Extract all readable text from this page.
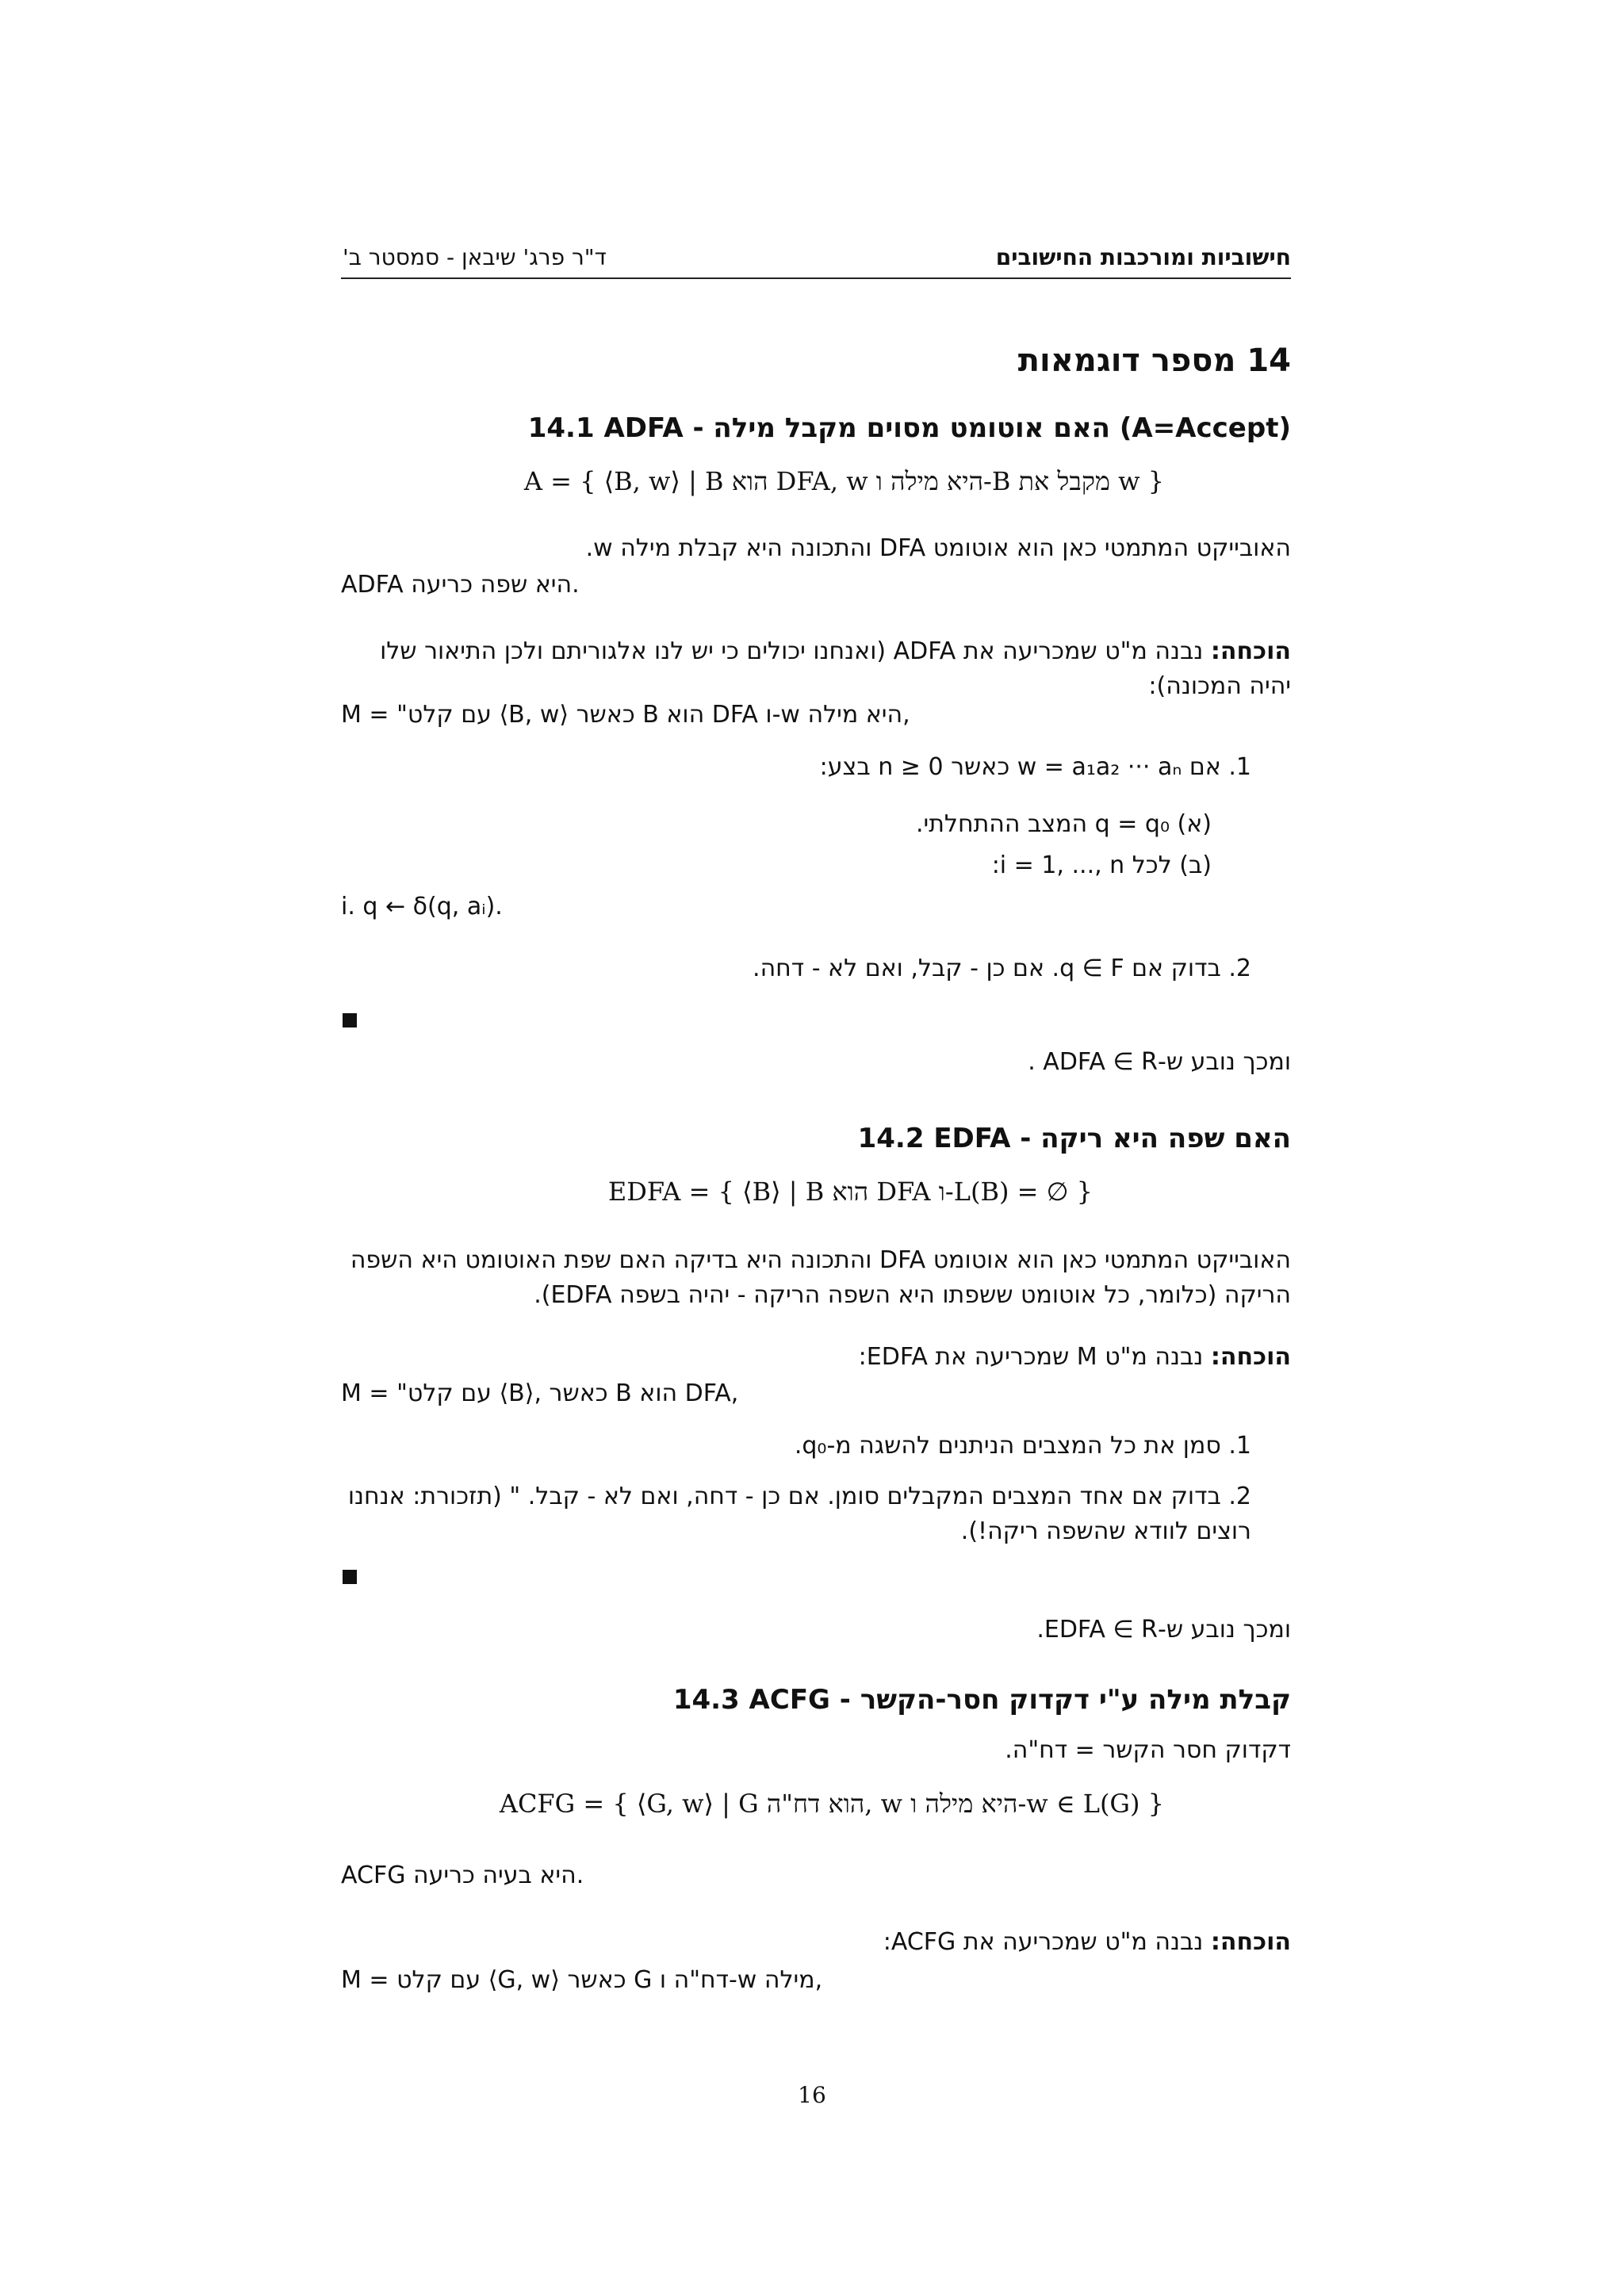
חישוביות ומורכבות החישובים
ד"ר פרג' שיבאן - סמסטר ב'
14 מספר דוגמאות
14.1 ADFA - האם אוטומט מסוים מקבל מילה (A=Accept)
A = { ⟨B, w⟩ | B הוא DFA, w היא מילה ו-B מקבל את w }
האובייקט המתמטי כאן הוא אוטומט DFA והתכונה היא קבלת מילה w.
ADFA היא שפה כריעה.
הוכחה: נבנה מ"ט שמכריעה את ADFA (ואנחנו יכולים כי יש לנו אלגוריתם ולכן התיאור שלו יהיה המכונה):
M = "עם קלט ⟨B, w⟩ כאשר B הוא DFA ו-w היא מילה,
1. אם w = a₁a₂ ··· aₙ כאשר n ≥ 0 בצע:
(א) q = q₀ המצב ההתחלתי.
(ב) לכל i = 1, ..., n:
i. q ← δ(q, aᵢ).
2. בדוק אם q ∈ F. אם כן - קבל, ואם לא - דחה.
ומכך נובע ש-ADFA ∈ R .
14.2 EDFA - האם שפה היא ריקה
EDFA = { ⟨B⟩ | B הוא DFA ו-L(B) = ∅ }
האובייקט המתמטי כאן הוא אוטומט DFA והתכונה היא בדיקה האם שפת האוטומט היא השפה הריקה (כלומר, כל אוטומט ששפתו היא השפה הריקה - יהיה בשפה EDFA).
הוכחה: נבנה מ"ט M שמכריעה את EDFA:
M = "עם קלט ⟨B⟩, כאשר B הוא DFA,
1. סמן את כל המצבים הניתנים להשגה מ-q₀.
2. בדוק אם אחד המצבים המקבלים סומן. אם כן - דחה, ואם לא - קבל. " (תזכורת: אנחנו רוצים לוודא שהשפה ריקה!).
ומכך נובע ש-EDFA ∈ R.
14.3 ACFG - קבלת מילה ע"י דקדוק חסר-הקשר
דקדוק חסר הקשר = דח"ה.
ACFG = { ⟨G, w⟩ | G הוא דח"ה, w היא מילה ו-w ∈ L(G) }
ACFG היא בעיה כריעה.
הוכחה: נבנה מ"ט שמכריעה את ACFG:
M = עם קלט ⟨G, w⟩ כאשר G דח"ה ו-w מילה,
16
